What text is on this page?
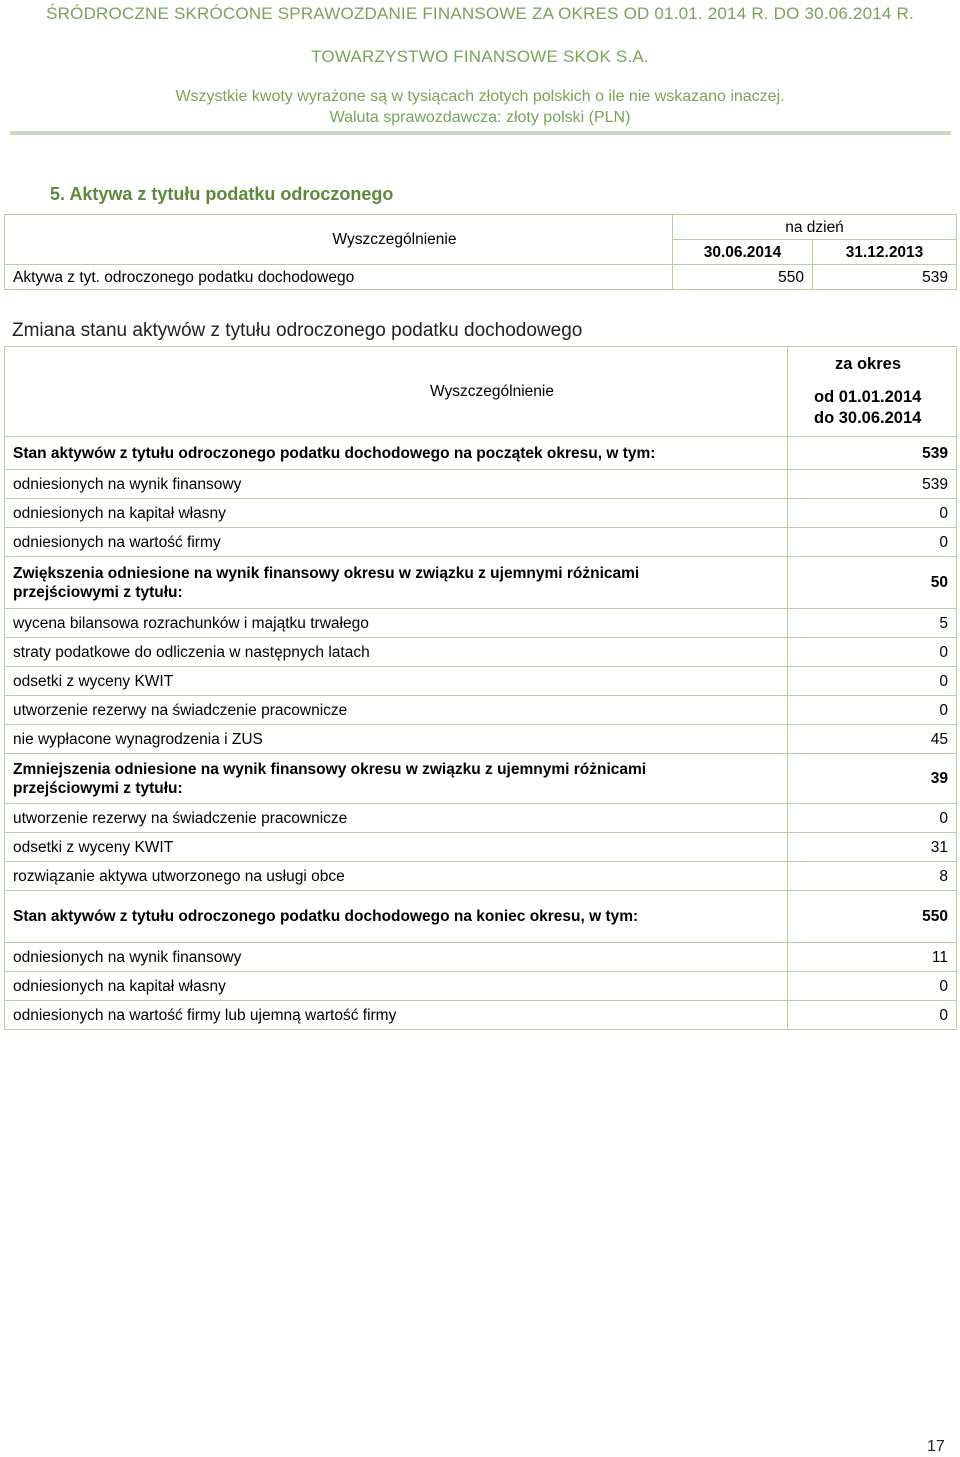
ŚRÓDROCZNE SKRÓCONE SPRAWOZDANIE FINANSOWE ZA OKRES OD 01.01. 2014 R. DO 30.06.2014 R.
TOWARZYSTWO FINANSOWE SKOK S.A.
Wszystkie kwoty wyrażone są w tysiącach złotych polskich o ile nie wskazano inaczej.
Waluta sprawozdawcza: złoty polski (PLN)
5. Aktywa z tytułu podatku odroczonego
Wyszczególnienie	na dzień	
	30.06.2014	31.12.2013
Aktywa z tyt. odroczonego podatku dochodowego	550	539
Zmiana stanu aktywów z tytułu odroczonego podatku dochodowego
Wyszczególnienie	za okres
od 01.01.2014
do 30.06.2014

Stan aktywów z tytułu odroczonego podatku dochodowego na początek okresu, w tym:	539
odniesionych na wynik finansowy	539
odniesionych na kapitał własny	0
odniesionych na wartość firmy	0
Zwiększenia odniesione na wynik finansowy okresu w związku z ujemnymi różnicami przejściowymi z tytułu:	50
wycena bilansowa rozrachunków i majątku trwałego	5
straty podatkowe do odliczenia w następnych latach	0
odsetki z wyceny KWIT	0
utworzenie rezerwy na świadczenie pracownicze	0
nie wypłacone wynagrodzenia i ZUS	45
Zmniejszenia odniesione na wynik finansowy okresu w związku z ujemnymi różnicami przejściowymi z tytułu:	39
utworzenie rezerwy na świadczenie pracownicze	0
odsetki z wyceny KWIT	31
rozwiązanie aktywa utworzonego na usługi obce	8
Stan aktywów z tytułu odroczonego podatku dochodowego na koniec okresu, w tym:	550
odniesionych na wynik finansowy	11
odniesionych na kapitał własny	0
odniesionych na wartość firmy lub ujemną wartość firmy	0
17
